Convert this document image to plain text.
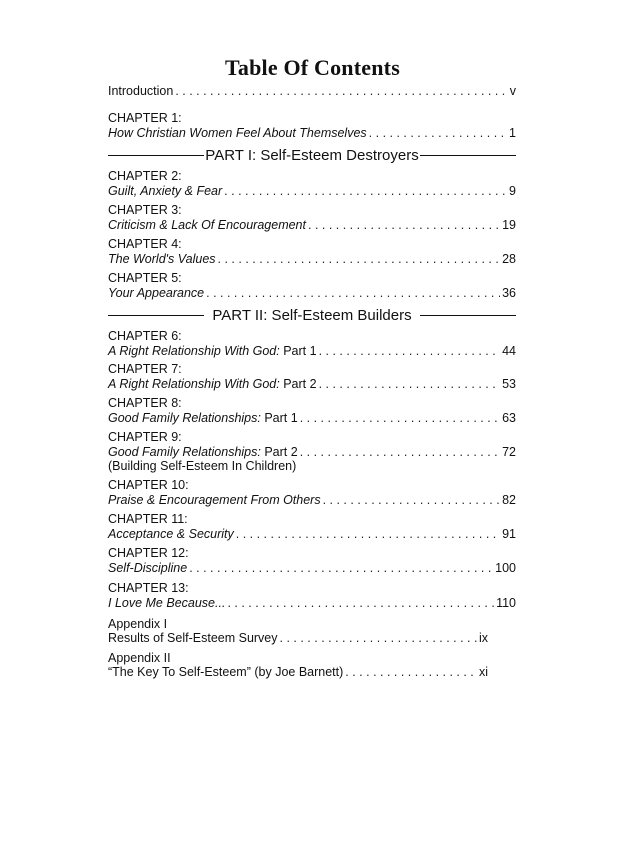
Table Of Contents
Introduction . . .	v
CHAPTER 1:
How Christian Women Feel About Themselves . . .	1
PART I: Self-Esteem Destroyers
CHAPTER 2:
Guilt, Anxiety & Fear . . .	9
CHAPTER 3:
Criticism & Lack Of Encouragement . . .	19
CHAPTER 4:
The World's Values . . .	28
CHAPTER 5:
Your Appearance . . .	36
PART II: Self-Esteem Builders
CHAPTER 6:
A Right Relationship With God: Part 1 . . .	44
CHAPTER 7:
A Right Relationship With God: Part 2 . . .	53
CHAPTER 8:
Good Family Relationships: Part 1 . . .	63
CHAPTER 9:
Good Family Relationships: Part 2 . . .	72
(Building Self-Esteem In Children)
CHAPTER 10:
Praise & Encouragement From Others . . .	82
CHAPTER 11:
Acceptance & Security . . .	91
CHAPTER 12:
Self-Discipline . . .	100
CHAPTER 13:
I Love Me Because... . . .	110
Appendix I
Results of Self-Esteem Survey . . .	ix
Appendix II
“The Key To Self-Esteem” (by Joe Barnett) . . .	xi
